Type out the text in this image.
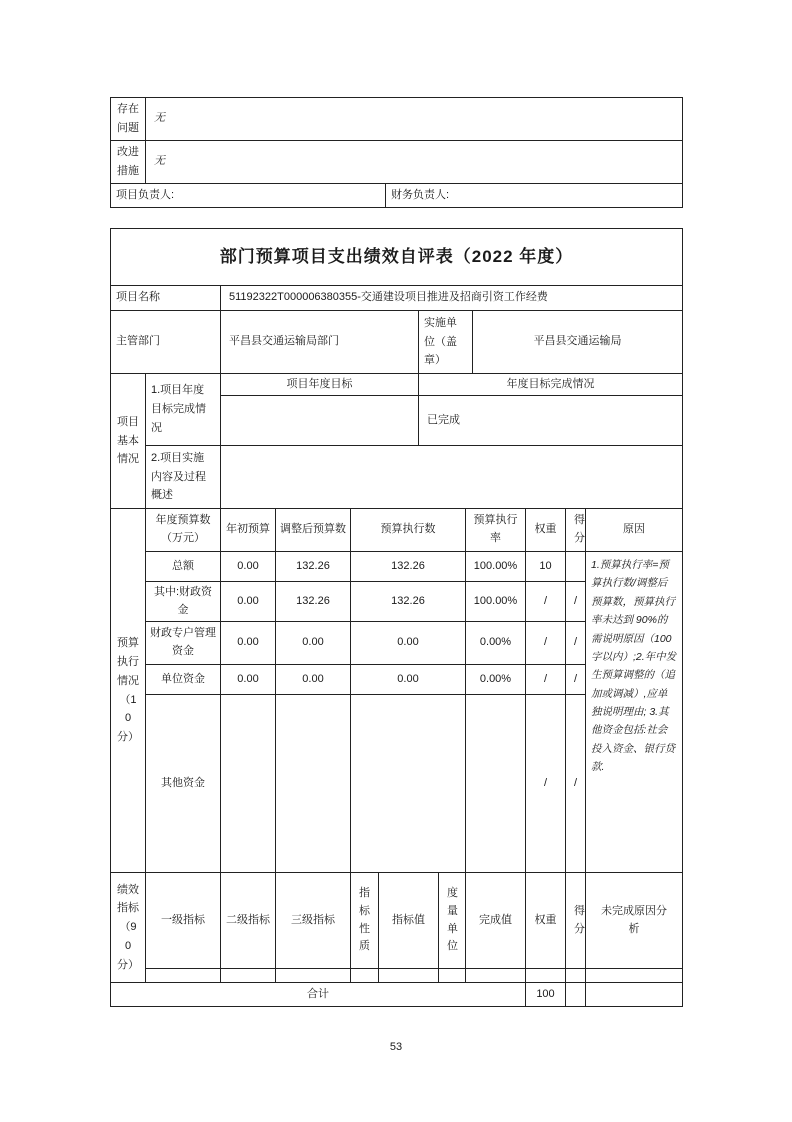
存在问题	无	
改进措施	无	
项目负责人:		财务负责人:
部门预算项目支出绩效自评表（2022 年度）				
项目名称		51192322T000006380355-交通建设项目推进及招商引资工作经费		
主管部门		平昌县交通运输局部门	实施单位（盖章）	平昌县交通运输局
项目基本情况	1.项目年度目标完成情况	项目年度目标	年度目标完成情况	
			已完成	
	2.项目实施内容及过程概述			
预算执行情况（10分）	年度预算数（万元）	年初预算	调整后预算数	预算执行数	预算执行率	权重	得分	原因
	总额	0.00	132.26	132.26	100.00%	10		1.预算执行率=预算执行数/调整后预算数，预算执行率未达到 90%的需说明原因（100 字以内）;2.年中发生预算调整的（追加或调减）,应单独说明理由; 3.其他资金包括:社会投入资金、银行贷款.
	其中:财政资金	0.00	132.26	132.26	100.00%	/	/	
	财政专户管理资金	0.00	0.00	0.00	0.00%	/	/	
	单位资金	0.00	0.00	0.00	0.00%	/	/	
	其他资金					/	/	
绩效指标（90分）	一级指标	二级指标	三级指标	指标性质	指标值	度量单位	完成值	权重	得分	未完成原因分析

合计								100		
53
